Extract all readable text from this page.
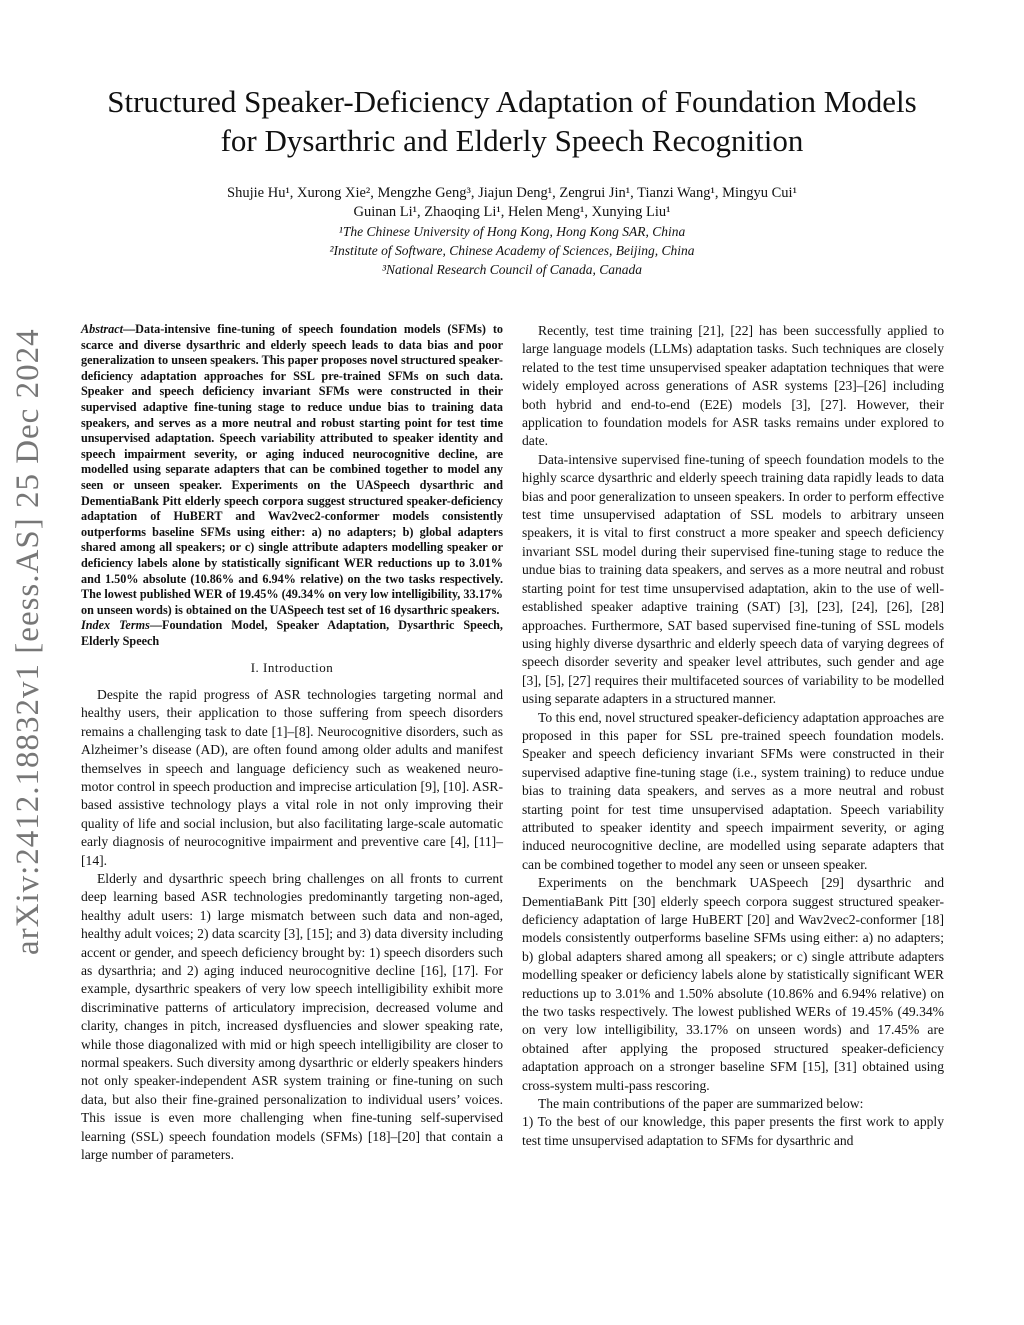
arXiv:2412.18832v1 [eess.AS] 25 Dec 2024
Structured Speaker-Deficiency Adaptation of Foundation Models for Dysarthric and Elderly Speech Recognition
Shujie Hu¹, Xurong Xie², Mengzhe Geng³, Jiajun Deng¹, Zengrui Jin¹, Tianzi Wang¹, Mingyu Cui¹
Guinan Li¹, Zhaoqing Li¹, Helen Meng¹, Xunying Liu¹
¹The Chinese University of Hong Kong, Hong Kong SAR, China
²Institute of Software, Chinese Academy of Sciences, Beijing, China
³National Research Council of Canada, Canada
Abstract—Data-intensive fine-tuning of speech foundation models (SFMs) to scarce and diverse dysarthric and elderly speech leads to data bias and poor generalization to unseen speakers. This paper proposes novel structured speaker-deficiency adaptation approaches for SSL pre-trained SFMs on such data. Speaker and speech deficiency invariant SFMs were constructed in their supervised adaptive fine-tuning stage to reduce undue bias to training data speakers, and serves as a more neutral and robust starting point for test time unsupervised adaptation. Speech variability attributed to speaker identity and speech impairment severity, or aging induced neurocognitive decline, are modelled using separate adapters that can be combined together to model any seen or unseen speaker. Experiments on the UASpeech dysarthric and DementiaBank Pitt elderly speech corpora suggest structured speaker-deficiency adaptation of HuBERT and Wav2vec2-conformer models consistently outperforms baseline SFMs using either: a) no adapters; b) global adapters shared among all speakers; or c) single attribute adapters modelling speaker or deficiency labels alone by statistically significant WER reductions up to 3.01% and 1.50% absolute (10.86% and 6.94% relative) on the two tasks respectively. The lowest published WER of 19.45% (49.34% on very low intelligibility, 33.17% on unseen words) is obtained on the UASpeech test set of 16 dysarthric speakers.
Index Terms—Foundation Model, Speaker Adaptation, Dysarthric Speech, Elderly Speech
I. Introduction

Despite the rapid progress of ASR technologies targeting normal and healthy users, their application to those suffering from speech disorders remains a challenging task to date [1]–[8]. Neurocognitive disorders, such as Alzheimer’s disease (AD), are often found among older adults and manifest themselves in speech and language deficiency such as weakened neuro-motor control in speech production and imprecise articulation [9], [10]. ASR-based assistive technology plays a vital role in not only improving their quality of life and social inclusion, but also facilitating large-scale automatic early diagnosis of neurocognitive impairment and preventive care [4], [11]–[14].

Elderly and dysarthric speech bring challenges on all fronts to current deep learning based ASR technologies predominantly targeting non-aged, healthy adult users: 1) large mismatch between such data and non-aged, healthy adult voices; 2) data scarcity [3], [15]; and 3) data diversity including accent or gender, and speech deficiency brought by: 1) speech disorders such as dysarthria; and 2) aging induced neurocognitive decline [16], [17]. For example, dysarthric speakers of very low speech intelligibility exhibit more discriminative patterns of articulatory imprecision, decreased volume and clarity, changes in pitch, increased dysfluencies and slower speaking rate, while those diagonalized with mid or high speech intelligibility are closer to normal speakers. Such diversity among dysarthric or elderly speakers hinders not only speaker-independent ASR system training or fine-tuning on such data, but also their fine-grained personalization to individual users’ voices. This issue is even more challenging when fine-tuning self-supervised learning (SSL) speech foundation models (SFMs) [18]–[20] that contain a large number of parameters.

Recently, test time training [21], [22] has been successfully applied to large language models (LLMs) adaptation tasks. Such techniques are closely related to the test time unsupervised speaker adaptation techniques that were widely employed across generations of ASR systems [23]–[26] including both hybrid and end-to-end (E2E) models [3], [27]. However, their application to foundation models for ASR tasks remains under explored to date.

Data-intensive supervised fine-tuning of speech foundation models to the highly scarce dysarthric and elderly speech training data rapidly leads to data bias and poor generalization to unseen speakers. In order to perform effective test time unsupervised adaptation of SSL models to arbitrary unseen speakers, it is vital to first construct a more speaker and speech deficiency invariant SSL model during their supervised fine-tuning stage to reduce the undue bias to training data speakers, and serves as a more neutral and robust starting point for test time unsupervised adaptation, akin to the use of well-established speaker adaptive training (SAT) [3], [23], [24], [26], [28] approaches. Furthermore, SAT based supervised fine-tuning of SSL models using highly diverse dysarthric and elderly speech data of varying degrees of speech disorder severity and speaker level attributes, such gender and age [3], [5], [27] requires their multifaceted sources of variability to be modelled using separate adapters in a structured manner.

To this end, novel structured speaker-deficiency adaptation approaches are proposed in this paper for SSL pre-trained speech foundation models. Speaker and speech deficiency invariant SFMs were constructed in their supervised adaptive fine-tuning stage (i.e., system training) to reduce undue bias to training data speakers, and serves as a more neutral and robust starting point for test time unsupervised adaptation. Speech variability attributed to speaker identity and speech impairment severity, or aging induced neurocognitive decline, are modelled using separate adapters that can be combined together to model any seen or unseen speaker.

Experiments on the benchmark UASpeech [29] dysarthric and DementiaBank Pitt [30] elderly speech corpora suggest structured speaker-deficiency adaptation of large HuBERT [20] and Wav2vec2-conformer [18] models consistently outperforms baseline SFMs using either: a) no adapters; b) global adapters shared among all speakers; or c) single attribute adapters modelling speaker or deficiency labels alone by statistically significant WER reductions up to 3.01% and 1.50% absolute (10.86% and 6.94% relative) on the two tasks respectively. The lowest published WERs of 19.45% (49.34% on very low intelligibility, 33.17% on unseen words) and 17.45% are obtained after applying the proposed structured speaker-deficiency adaptation approach on a stronger baseline SFM [15], [31] obtained using cross-system multi-pass rescoring.

The main contributions of the paper are summarized below:

1) To the best of our knowledge, this paper presents the first work to apply test time unsupervised adaptation to SFMs for dysarthric and
